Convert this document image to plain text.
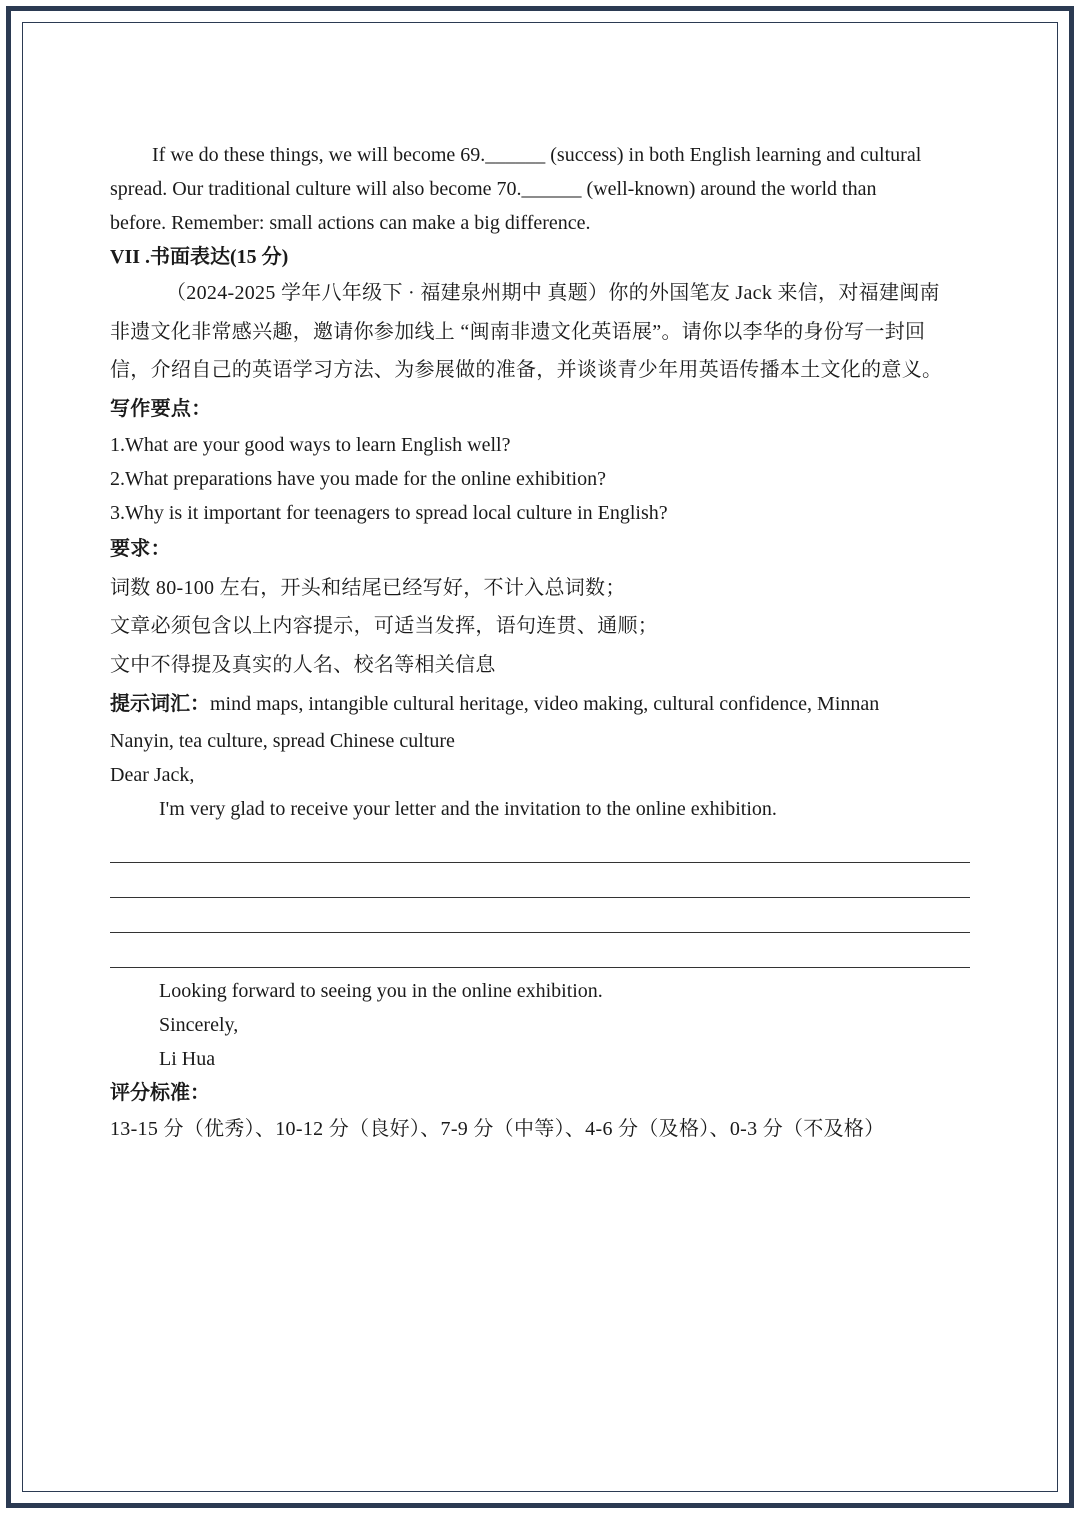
If we do these things, we will become 69.______ (success) in both English learning and cultural

spread. Our traditional culture will also become 70.______ (well-known) around the world than

before. Remember: small actions can make a big difference.

VII .书面表达(15 分)

（2024-2025 学年八年级下 · 福建泉州期中 真题）你的外国笔友 Jack 来信，对福建闽南

非遗文化非常感兴趣，邀请你参加线上 “闽南非遗文化英语展”。请你以李华的身份写一封回

信，介绍自己的英语学习方法、为参展做的准备，并谈谈青少年用英语传播本土文化的意义。

写作要点：

1.What are your good ways to learn English well?

2.What preparations have you made for the online exhibition?

3.Why is it important for teenagers to spread local culture in English?

要求：

词数 80-100 左右，开头和结尾已经写好，不计入总词数；

文章必须包含以上内容提示，可适当发挥，语句连贯、通顺；

文中不得提及真实的人名、校名等相关信息

提示词汇：mind maps, intangible cultural heritage, video making, cultural confidence, Minnan

Nanyin, tea culture, spread Chinese culture

Dear Jack,

I'm very glad to receive your letter and the invitation to the online exhibition.

Looking forward to seeing you in the online exhibition.

Sincerely,

Li Hua

评分标准：

13-15 分（优秀）、10-12 分（良好）、7-9 分（中等）、4-6 分（及格）、0-3 分（不及格）
